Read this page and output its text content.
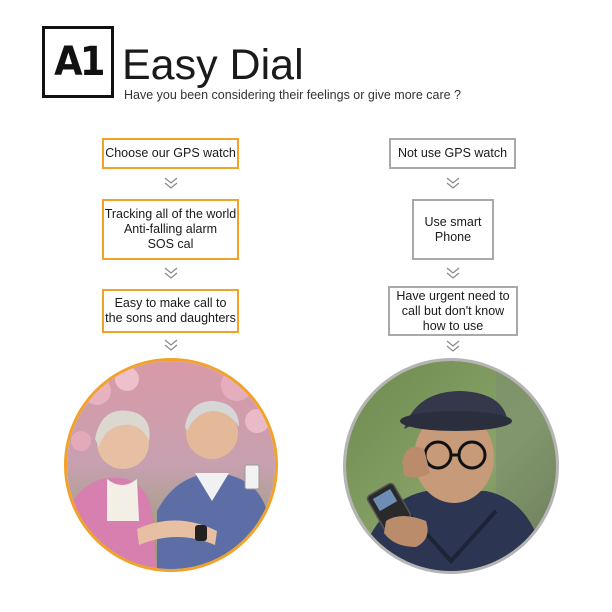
A1 Easy Dial
Have you been considering their feelings or give more care ?
Choose our GPS watch
Tracking all of the world
Anti-falling alarm
SOS cal
Easy to make call to
the sons and daughters
Not use GPS watch
Use smart
Phone
Have urgent need to
call but don't know
how to use
